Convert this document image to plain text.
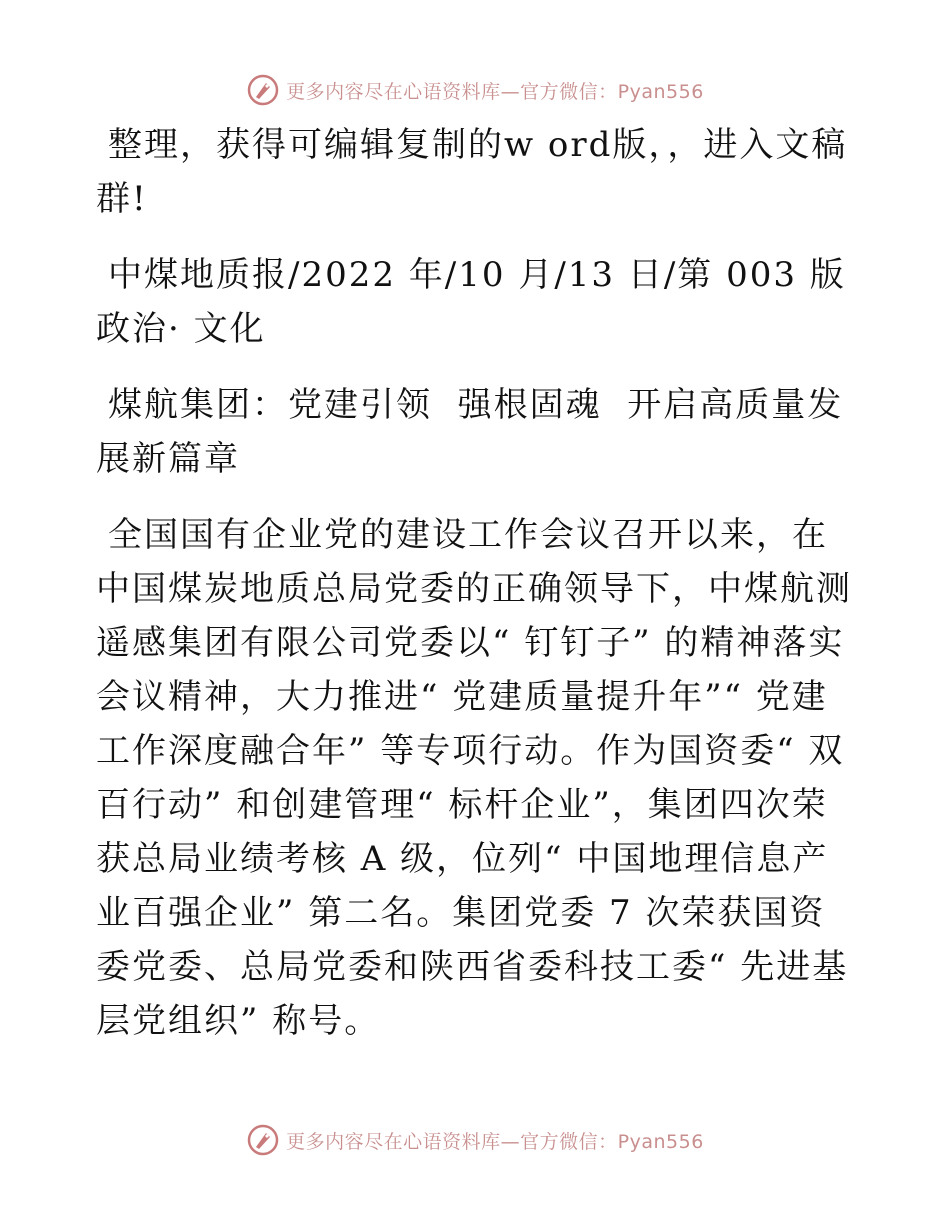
更多内容尽在心语资料库—官方微信：Pyan556

整理，获得可编辑复制的w ord版，，进入文稿群!

中煤地质报/2022 年/10 月/13 日/第 003 版政治· 文化

煤航集团：党建引领  强根固魂  开启高质量发展新篇章

全国国有企业党的建设工作会议召开以来，在中国煤炭地质总局党委的正确领导下，中煤航测遥感集团有限公司党委以“ 钉钉子” 的精神落实会议精神，大力推进“ 党建质量提升年”“ 党建工作深度融合年” 等专项行动。作为国资委“ 双百行动” 和创建管理“ 标杆企业”，集团四次荣获总局业绩考核 A 级，位列“ 中国地理信息产业百强企业” 第二名。集团党委 7 次荣获国资委党委、总局党委和陕西省委科技工委“ 先进基层党组织” 称号。

更多内容尽在心语资料库—官方微信：Pyan556
